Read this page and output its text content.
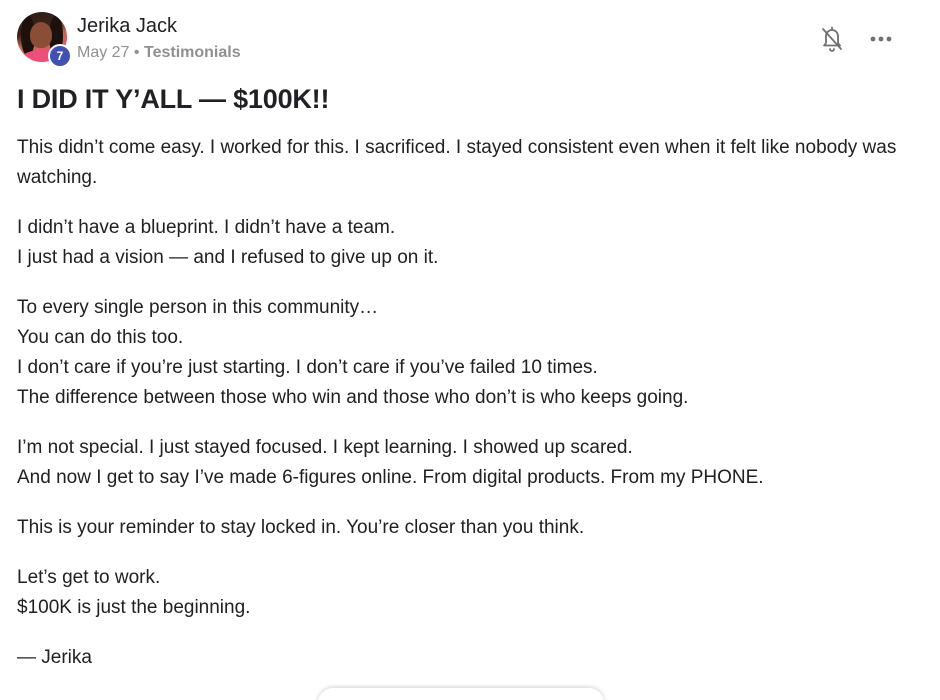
7
Jerika Jack
May 27 • Testimonials
I DID IT Y’ALL — $100K!!

This didn’t come easy. I worked for this. I sacrificed. I stayed consistent even when it felt like nobody was watching.

I didn’t have a blueprint. I didn’t have a team.
I just had a vision — and I refused to give up on it.

To every single person in this community…
You can do this too.
I don’t care if you’re just starting. I don’t care if you’ve failed 10 times.
The difference between those who win and those who don’t is who keeps going.

I’m not special. I just stayed focused. I kept learning. I showed up scared.
And now I get to say I’ve made 6-figures online. From digital products. From my PHONE.

This is your reminder to stay locked in. You’re closer than you think.

Let’s get to work.
$100K is just the beginning.

— Jerika
